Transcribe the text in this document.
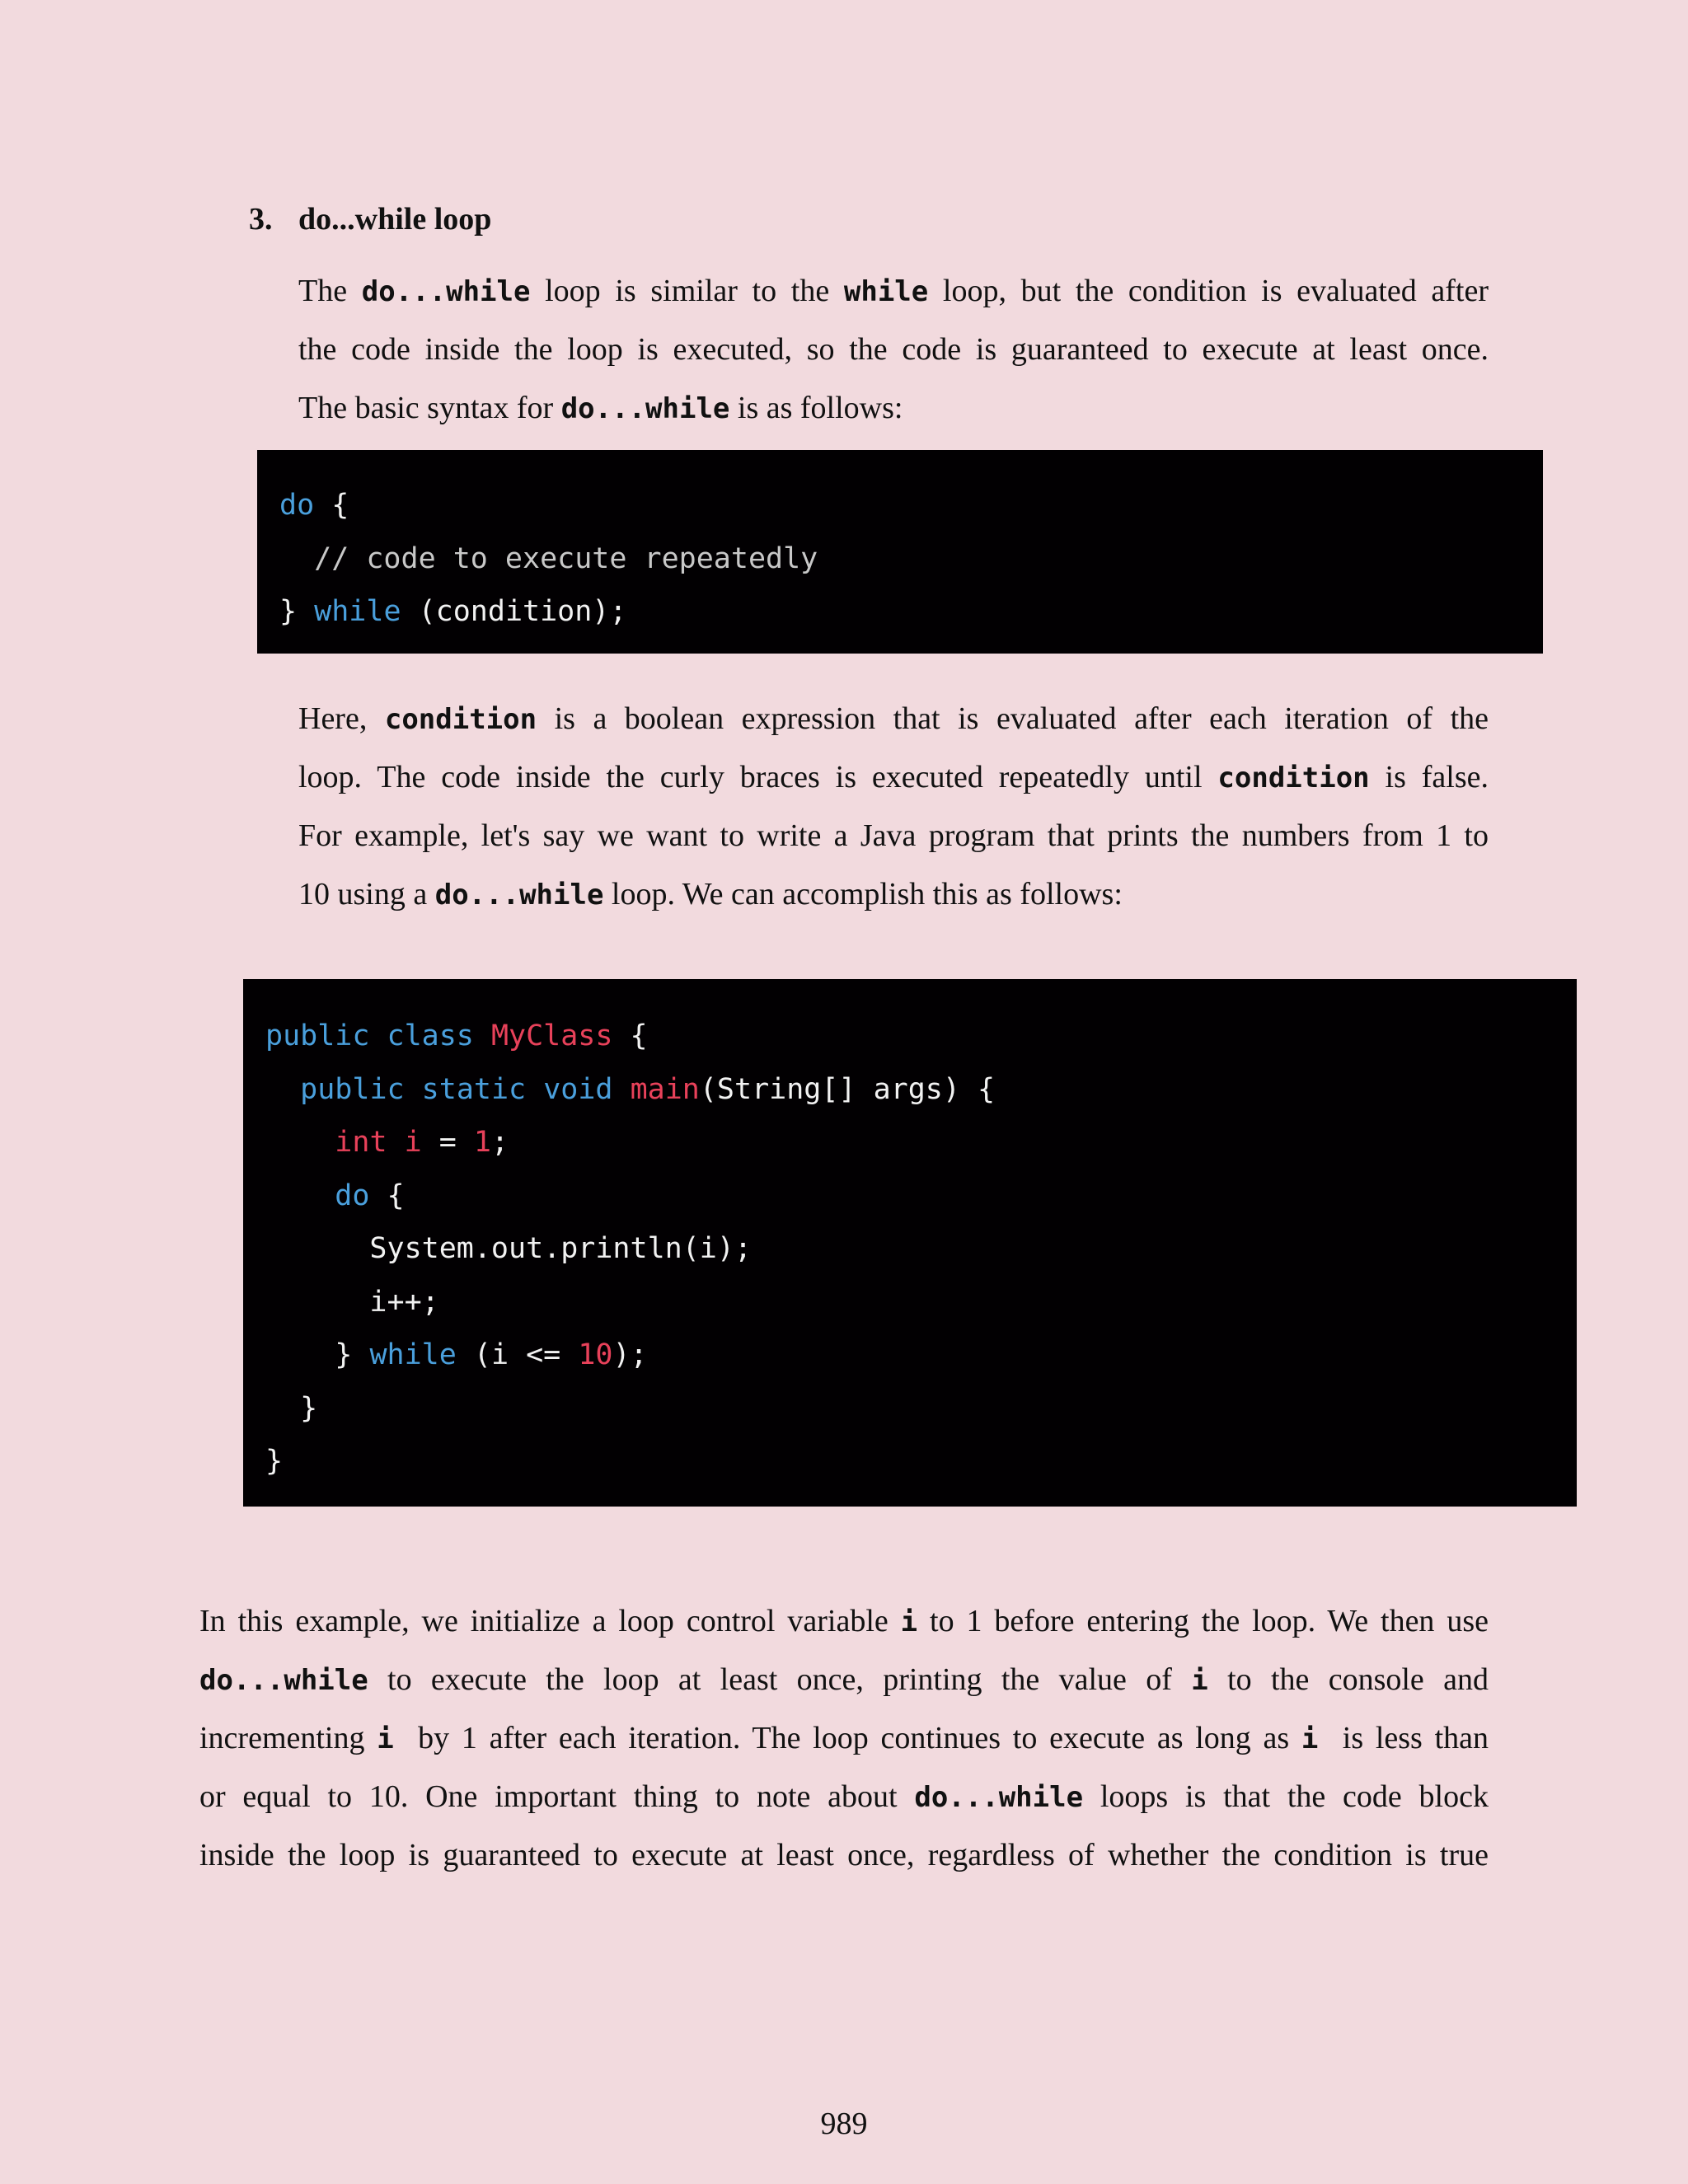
3. do...while loop
The do...while loop is similar to the while loop, but the condition is evaluated after
the code inside the loop is executed, so the code is guaranteed to execute at least once.
The basic syntax for do...while is as follows:
do {
// code to execute repeatedly
} while (condition);
Here, condition is a boolean expression that is evaluated after each iteration of the
loop. The code inside the curly braces is executed repeatedly until condition is false.
For example, let's say we want to write a Java program that prints the numbers from 1 to
10 using a do...while loop. We can accomplish this as follows:
public class MyClass {
public static void main(String[] args) {
int i = 1;
do {
System.out.println(i);
i++;
} while (i <= 10);
}
}
In this example, we initialize a loop control variable i to 1 before entering the loop. We then use
do...while to execute the loop at least once, printing the value of i to the console and
incrementing i  by 1 after each iteration. The loop continues to execute as long as i  is less than
or equal to 10. One important thing to note about do...while loops is that the code block
inside the loop is guaranteed to execute at least once, regardless of whether the condition is true
989
